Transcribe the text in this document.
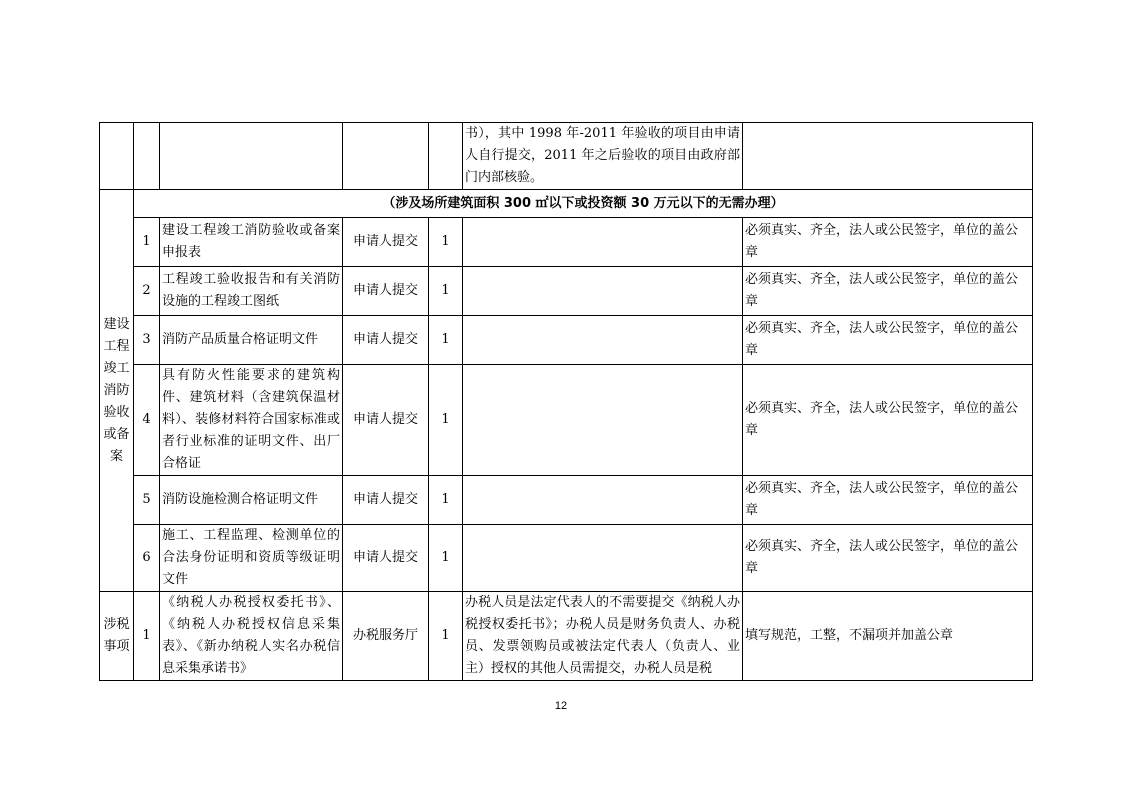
					书），其中 1998 年-2011 年验收的项目由申请人自行提交，2011 年之后验收的项目由政府部门内部核验。	
建设工程竣工消防验收或备案	（涉及场所建筑面积 300 ㎡以下或投资额 30 万元以下的无需办理）					
	1	建设工程竣工消防验收或备案申报表	申请人提交	1		必须真实、齐全，法人或公民签字，单位的盖公章
	2	工程竣工验收报告和有关消防设施的工程竣工图纸	申请人提交	1		必须真实、齐全，法人或公民签字，单位的盖公章
	3	消防产品质量合格证明文件	申请人提交	1		必须真实、齐全，法人或公民签字，单位的盖公章
	4	具有防火性能要求的建筑构件、建筑材料（含建筑保温材料）、装修材料符合国家标准或者行业标准的证明文件、出厂合格证	申请人提交	1		必须真实、齐全，法人或公民签字，单位的盖公章
	5	消防设施检测合格证明文件	申请人提交	1		必须真实、齐全，法人或公民签字，单位的盖公章
	6	施工、工程监理、检测单位的合法身份证明和资质等级证明文件	申请人提交	1		必须真实、齐全，法人或公民签字，单位的盖公章

涉税事项	1	《纳税人办税授权委托书》、《纳税人办税授权信息采集表》、《新办纳税人实名办税信息采集承诺书》	办税服务厅	1	办税人员是法定代表人的不需要提交《纳税人办税授权委托书》；办税人员是财务负责人、办税员、发票领购员或被法定代表人（负责人、业主）授权的其他人员需提交，办税人员是税	填写规范，工整，不漏项并加盖公章
12
